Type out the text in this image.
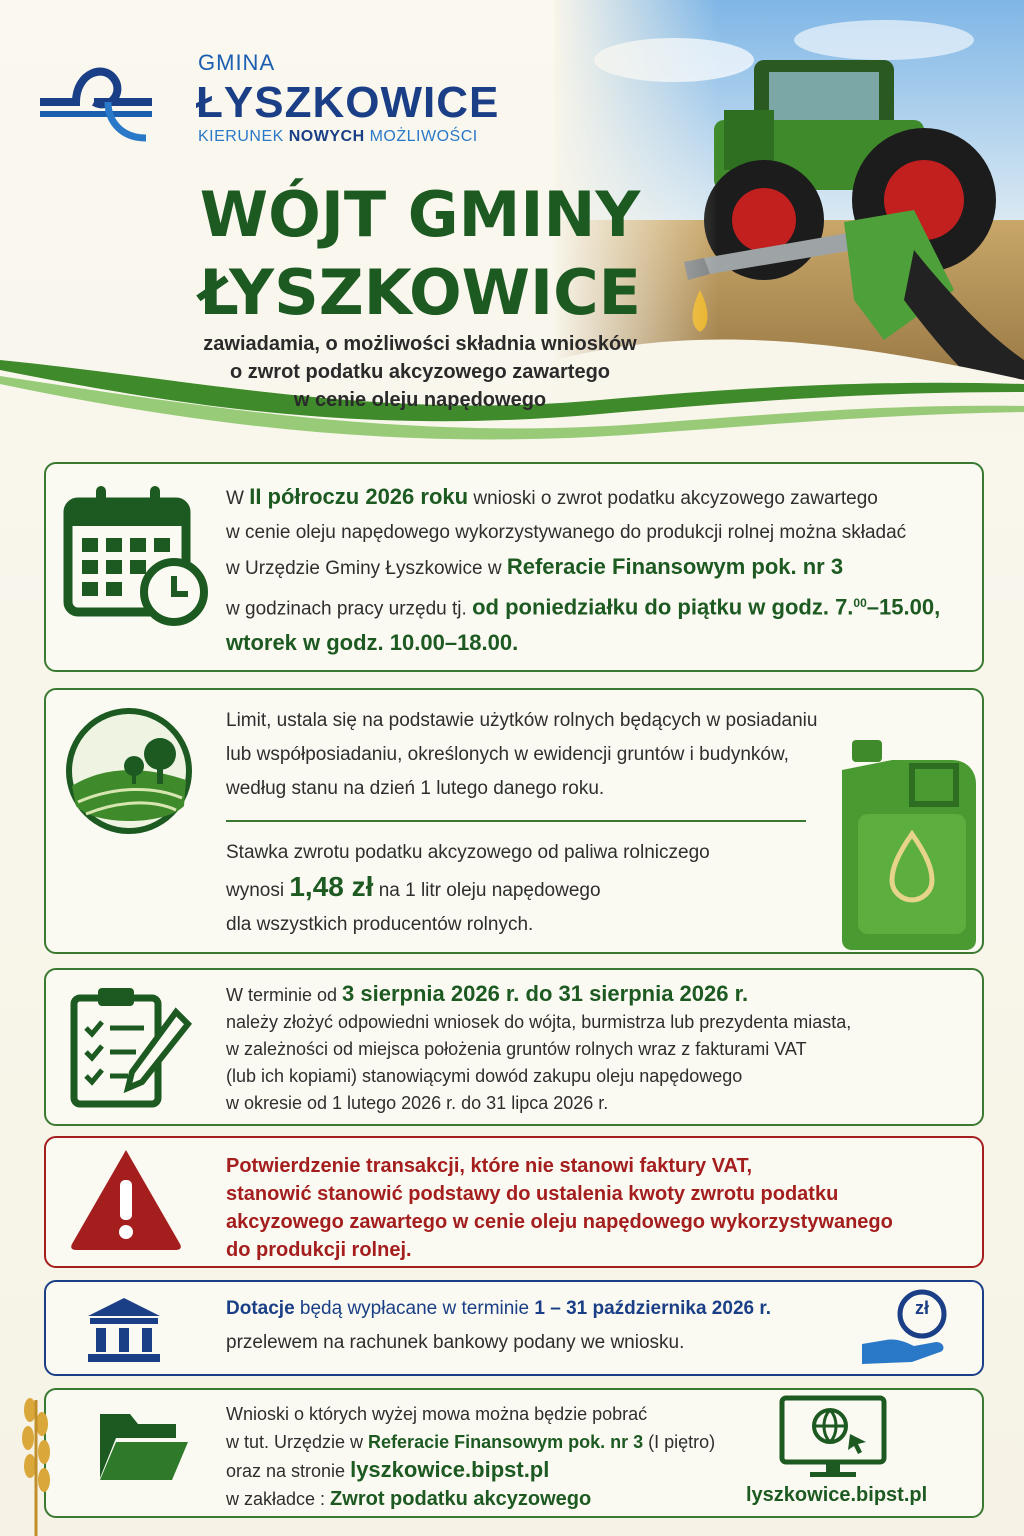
GMINA
ŁYSZKOWICE
KIERUNEK NOWYCH MOŻLIWOŚCI
WÓJT GMINY
ŁYSZKOWICE
zawiadamia, o możliwości składnia wniosków
o zwrot podatku akcyzowego zawartego
w cenie oleju napędowego
W II półroczu 2026 roku wnioski o zwrot podatku akcyzowego zawartego
w cenie oleju napędowego wykorzystywanego do produkcji rolnej można składać
w Urzędzie Gminy Łyszkowice w Referacie Finansowym pok. nr 3
w godzinach pracy urzędu tj. od poniedziałku do piątku w godz. 7.00–15.00,
wtorek w godz. 10.00–18.00.
Limit, ustala się na podstawie użytków rolnych będących w posiadaniu
lub współposiadaniu, określonych w ewidencji gruntów i budynków,
według stanu na dzień 1 lutego danego roku.
Stawka zwrotu podatku akcyzowego od paliwa rolniczego
wynosi 1,48 zł na 1 litr oleju napędowego
dla wszystkich producentów rolnych.
W terminie od 3 sierpnia 2026 r. do 31 sierpnia 2026 r.
należy złożyć odpowiedni wniosek do wójta, burmistrza lub prezydenta miasta,
w zależności od miejsca położenia gruntów rolnych wraz z fakturami VAT
(lub ich kopiami) stanowiącymi dowód zakupu oleju napędowego
w okresie od 1 lutego 2026 r. do 31 lipca 2026 r.
Potwierdzenie transakcji, które nie stanowi faktury VAT,
stanowić stanowić podstawy do ustalenia kwoty zwrotu podatku
akcyzowego zawartego w cenie oleju napędowego wykorzystywanego
do produkcji rolnej.
Dotacje będą wypłacane w terminie 1 – 31 października 2026 r.
przelewem na rachunek bankowy podany we wniosku.
zł
Wnioski o których wyżej mowa można będzie pobrać
w tut. Urzędzie w Referacie Finansowym pok. nr 3 (I piętro)
oraz na stronie lyszkowice.bipst.pl
w zakładce : Zwrot podatku akcyzowego	lyszkowice.bipst.pl
